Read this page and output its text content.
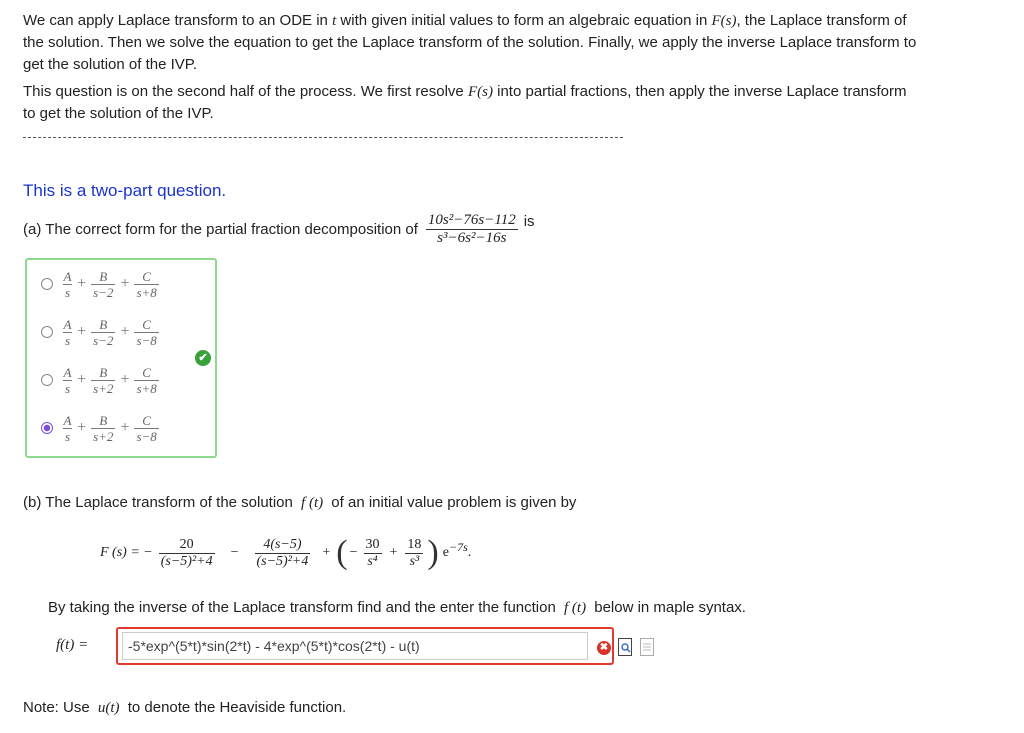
We can apply Laplace transform to an ODE in t with given initial values to form an algebraic equation in F(s), the Laplace transform of
the solution. Then we solve the equation to get the Laplace transform of the solution. Finally, we apply the inverse Laplace transform to
get the solution of the IVP.
This question is on the second half of the process. We first resolve F(s) into partial fractions, then apply the inverse Laplace transform
to get the solution of the IVP.
This is a two-part question.
(a) The correct form for the partial fraction decomposition of $\frac{\text{10s²−76s−112}}{\text{s³−6s²−16s}}$ is
$\frac{A}{s} + \frac{B}{s-2} + \frac{C}{s+8}$
$\frac{A}{s} + \frac{B}{s-2} + \frac{C}{s-8}$
$\frac{A}{s} + \frac{B}{s+2} + \frac{C}{s+8}$
$\frac{A}{s} + \frac{B}{s+2} + \frac{C}{s-8}$
✔
(b) The Laplace transform of the solution f (t) of an initial value problem is given by
F (s) = − $\frac{20}{\text{(s−5)²+4}} - \frac{4(s-5)}{\text{(s−5)²+4}}$ + ( − $\frac{30}{\text{s⁴}} + \frac{18}{\text{s³}}$ ) $e^{-7s}$ .
By taking the inverse of the Laplace transform find and the enter the function f (t) below in maple syntax.
f(t) =	-5*exp^(5*t)*sin(2*t) - 4*exp^(5*t)*cos(2*t) - u(t)	✖
Note: Use u(t) to denote the Heaviside function.
